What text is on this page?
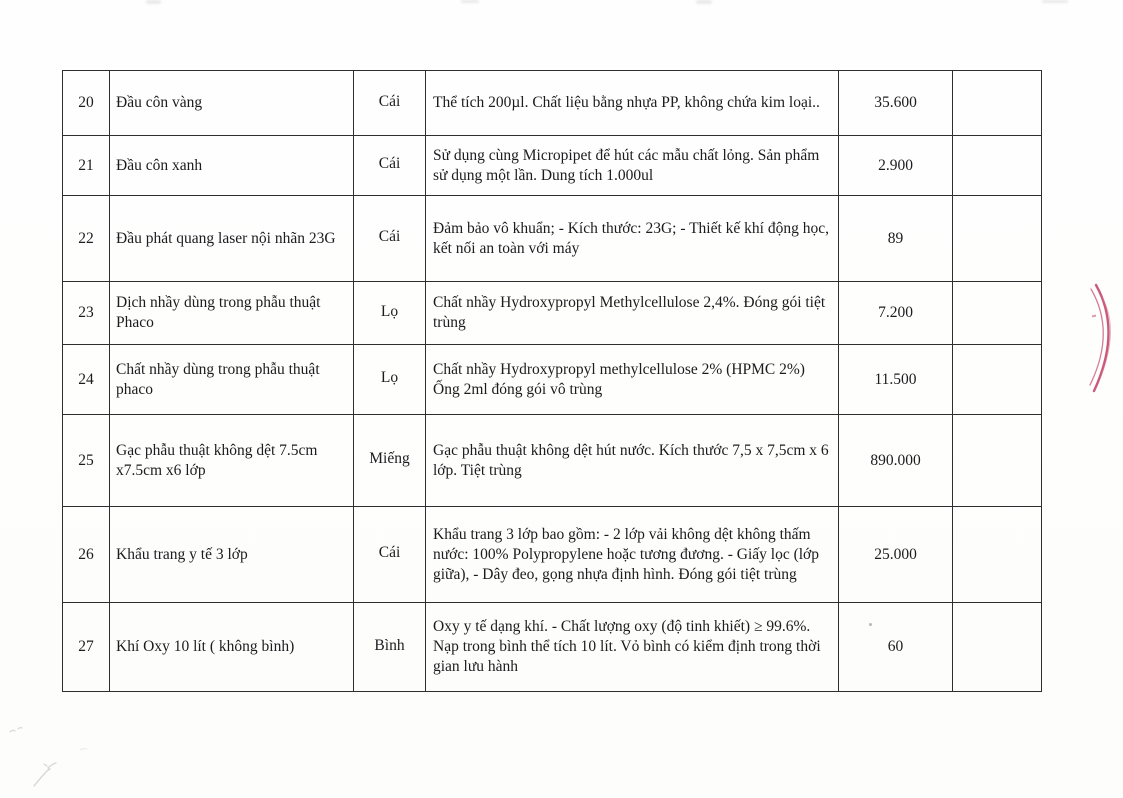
20	Đầu côn vàng	Cái	Thể tích 200µl. Chất liệu bằng nhựa PP, không chứa kim loại..	35.600	
21	Đầu côn xanh	Cái	Sử dụng cùng Micropipet để hút các mẫu chất lỏng. Sản phẩm sử dụng một lần. Dung tích 1.000ul	2.900	
22	Đầu phát quang laser nội nhãn 23G	Cái	Đảm bảo vô khuẩn; - Kích thước: 23G; - Thiết kế khí động học, kết nối an toàn với máy	89	
23	Dịch nhầy dùng trong phẫu thuật Phaco	Lọ	Chất nhầy Hydroxypropyl Methylcellulose 2,4%. Đóng gói tiệt trùng	7.200	
24	Chất nhầy dùng trong phẫu thuật phaco	Lọ	Chất nhầy Hydroxypropyl methylcellulose 2% (HPMC 2%) Ống 2ml đóng gói vô trùng	11.500	
25	Gạc phẫu thuật không dệt 7.5cm x7.5cm x6 lớp	Miếng	Gạc phẫu thuật không dệt hút nước. Kích thước 7,5 x 7,5cm x 6 lớp. Tiệt trùng	890.000	
26	Khẩu trang y tế 3 lớp	Cái	Khẩu trang 3 lớp bao gồm: - 2 lớp vải không dệt không thấm nước: 100% Polypropylene hoặc tương đương. - Giấy lọc (lớp giữa), - Dây đeo, gọng nhựa định hình. Đóng gói tiệt trùng	25.000	
27	Khí Oxy 10 lít ( không bình)	Bình	Oxy y tế dạng khí. - Chất lượng oxy (độ tinh khiết) ≥ 99.6%. Nạp trong bình thể tích 10 lít. Vỏ bình có kiểm định trong thời gian lưu hành	60	
